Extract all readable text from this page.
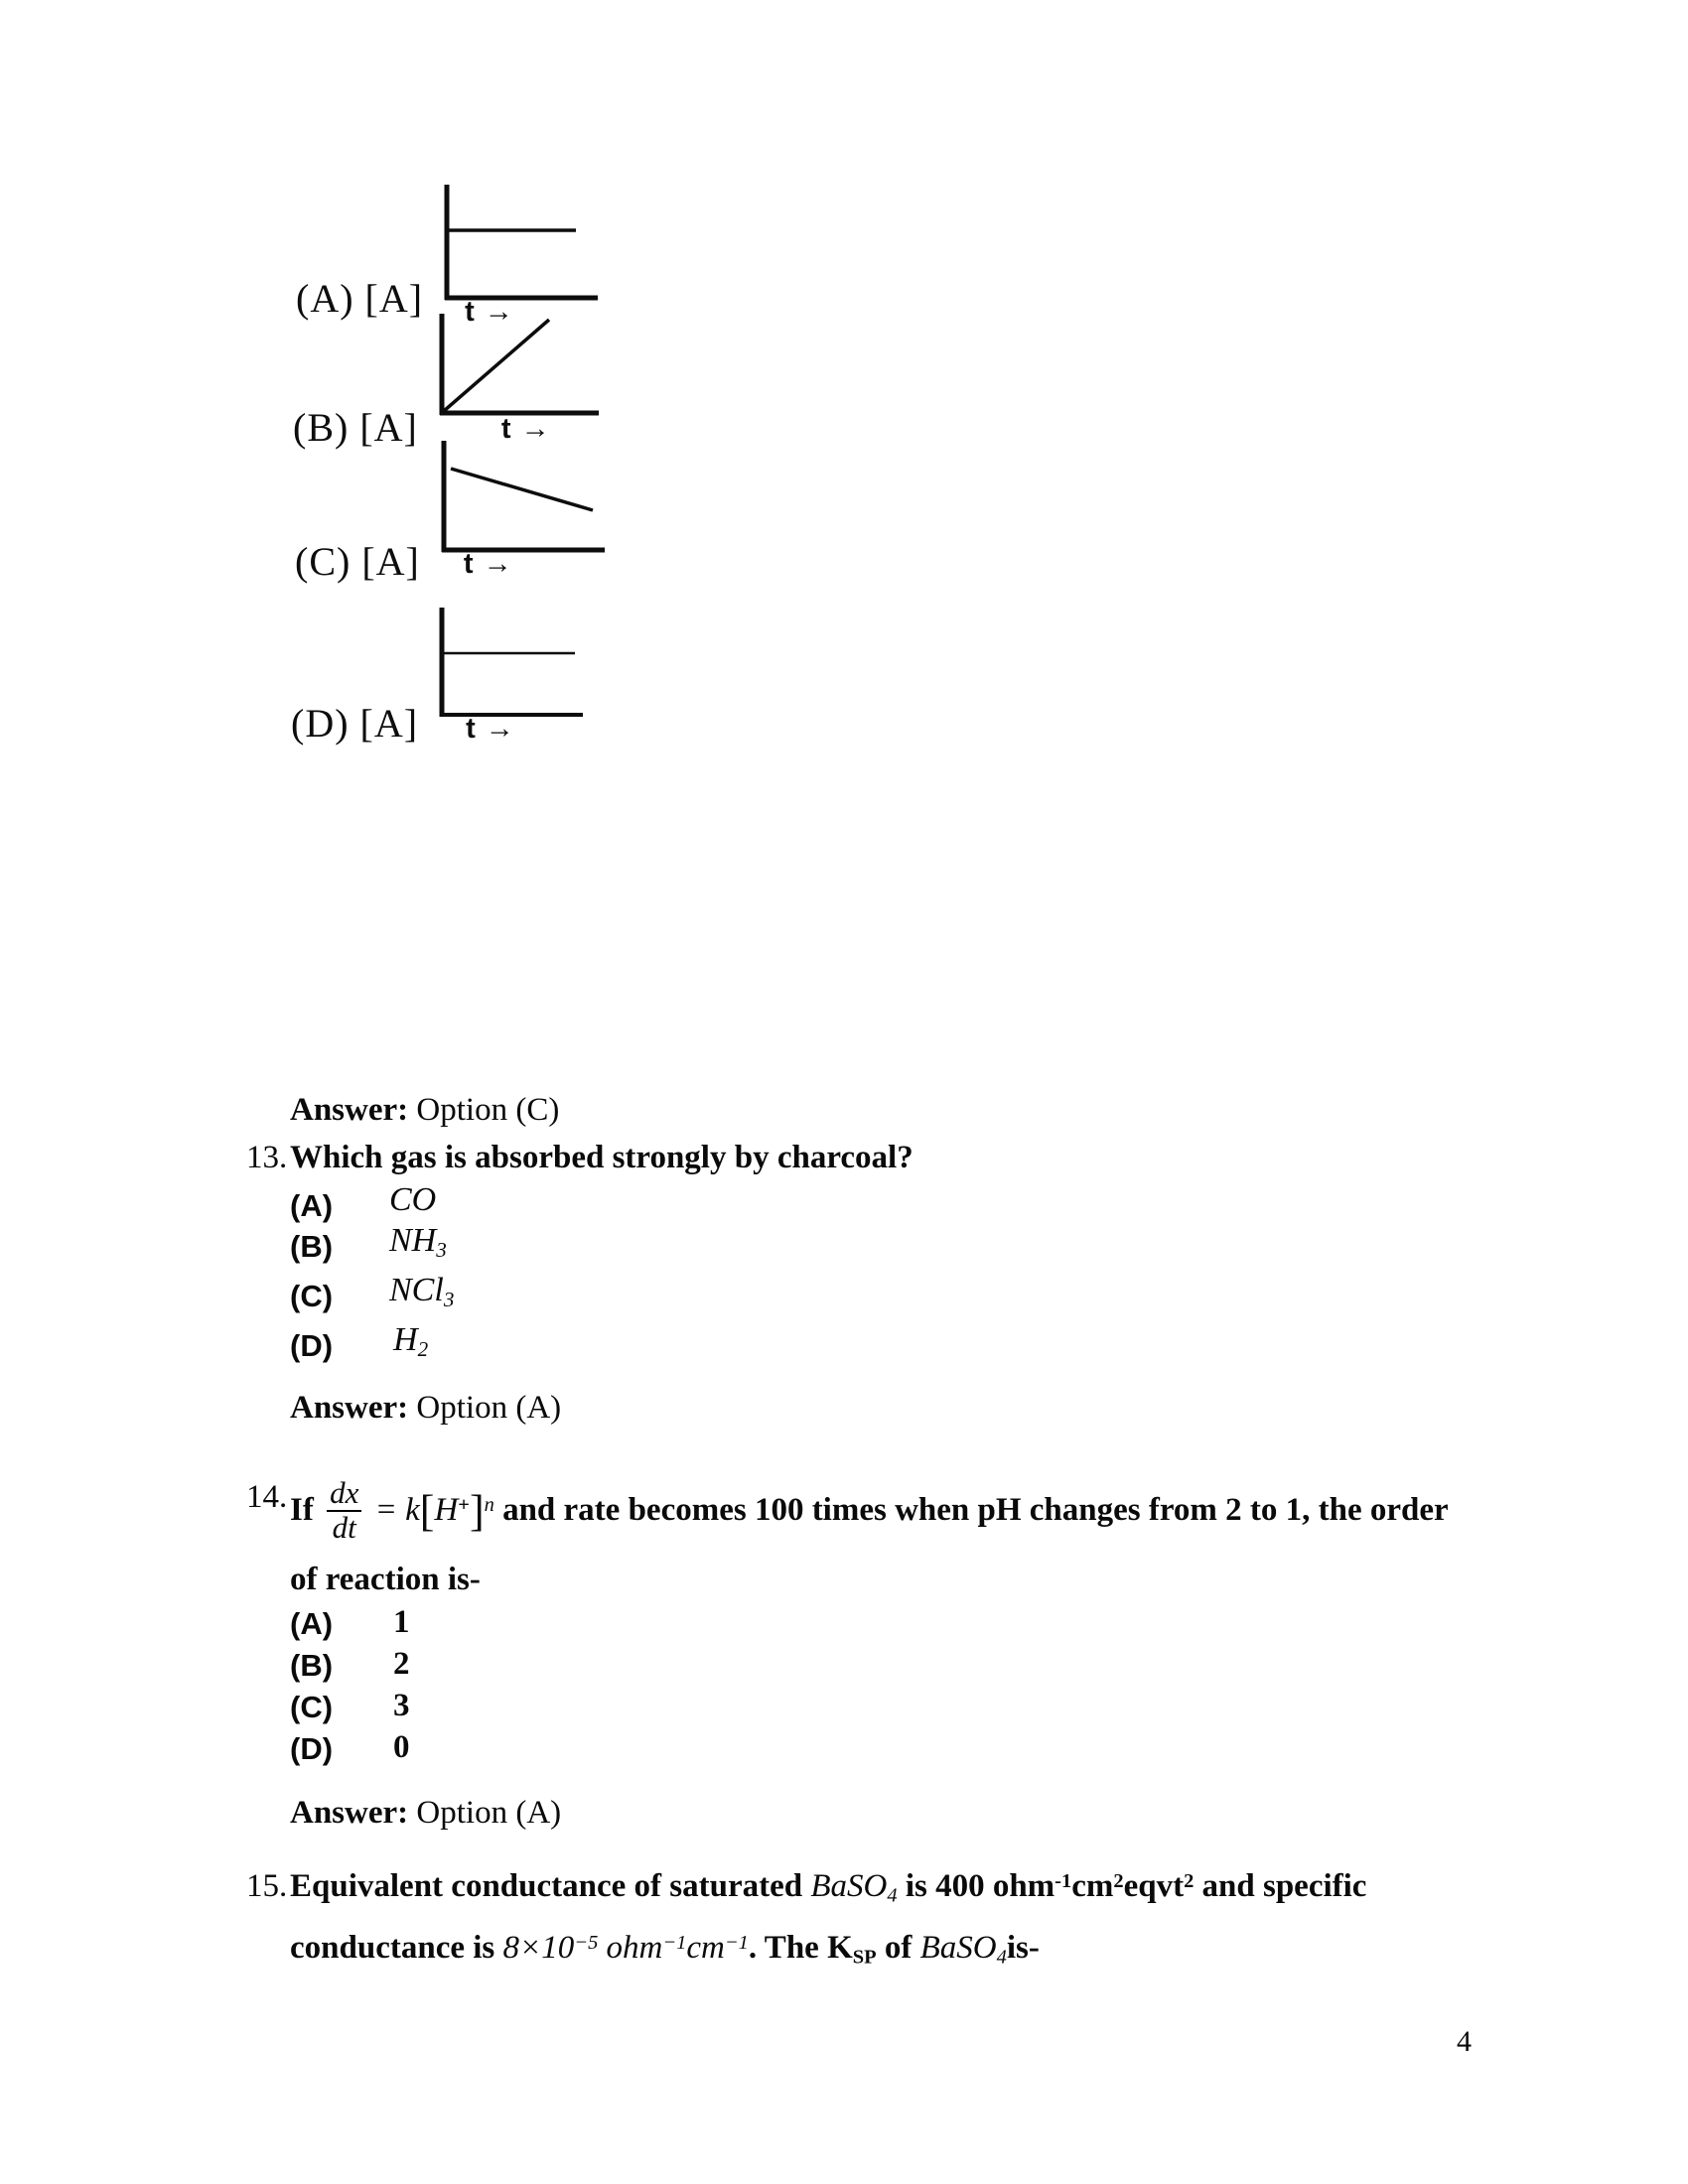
(A) [A] t →
(B) [A]	t →
(C) [A] t →
(D) [A] t →
Answer: Option (C)
13. Which gas is absorbed strongly by charcoal?
(A) CO
(B) $NH_3$
(C) NCl$_3$
(D) $H_2$
Answer: Option (A)
14. If $\frac{dx}{dt} = k[H^+]^n$ and rate becomes 100 times when pH changes from 2 to 1, the order
of reaction is-
(A) 1
(B) 2
(C) 3
(D) 0
Answer: Option (A)
15. Equivalent conductance of saturated BaSO$_4$ is 400 $ohm^{-1}cm^2eqvt^2$ and specific
conductance is $8\times 10^{-5}$ $ohm^{-1}cm^{-1}$. The $K_{SP}$ of BaSO$_4$is-
4
